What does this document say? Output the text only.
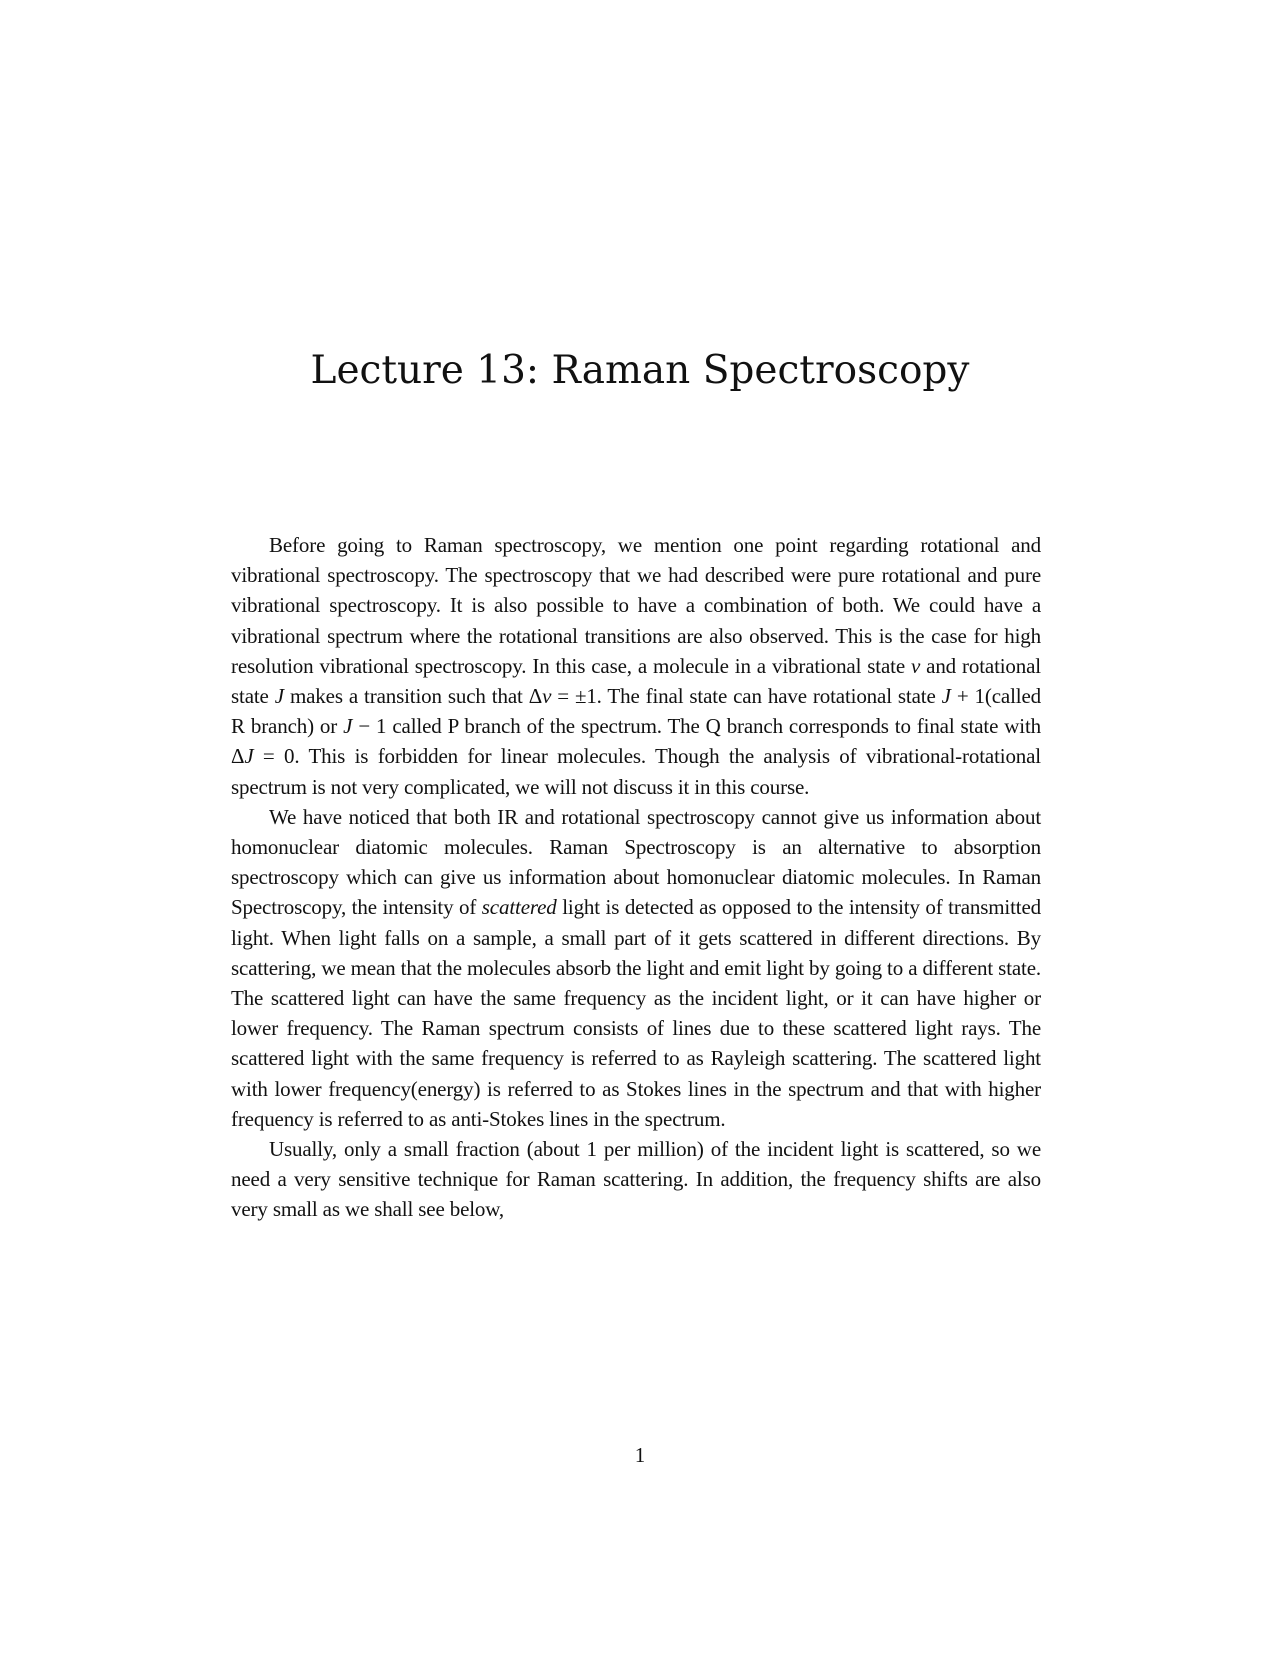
Lecture 13: Raman Spectroscopy

Before going to Raman spectroscopy, we mention one point regarding rotational and vibrational spectroscopy. The spectroscopy that we had described were pure rotational and pure vibrational spectroscopy. It is also possible to have a combination of both. We could have a vibrational spectrum where the rotational transitions are also observed. This is the case for high resolution vibrational spectroscopy. In this case, a molecule in a vibrational state v and rotational state J makes a transition such that Δv = ±1. The final state can have rotational state J + 1(called R branch) or J − 1 called P branch of the spectrum. The Q branch corresponds to final state with ΔJ = 0. This is forbidden for linear molecules. Though the analysis of vibrational-rotational spectrum is not very complicated, we will not discuss it in this course.

We have noticed that both IR and rotational spectroscopy cannot give us information about homonuclear diatomic molecules. Raman Spectroscopy is an alternative to absorption spectroscopy which can give us information about homonuclear diatomic molecules. In Raman Spectroscopy, the intensity of scattered light is detected as opposed to the intensity of transmitted light. When light falls on a sample, a small part of it gets scattered in different directions. By scattering, we mean that the molecules absorb the light and emit light by going to a different state. The scattered light can have the same frequency as the incident light, or it can have higher or lower frequency. The Raman spectrum consists of lines due to these scattered light rays. The scattered light with the same frequency is referred to as Rayleigh scattering. The scattered light with lower frequency(energy) is referred to as Stokes lines in the spectrum and that with higher frequency is referred to as anti-Stokes lines in the spectrum.

Usually, only a small fraction (about 1 per million) of the incident light is scattered, so we need a very sensitive technique for Raman scattering. In addition, the frequency shifts are also very small as we shall see below,

1
